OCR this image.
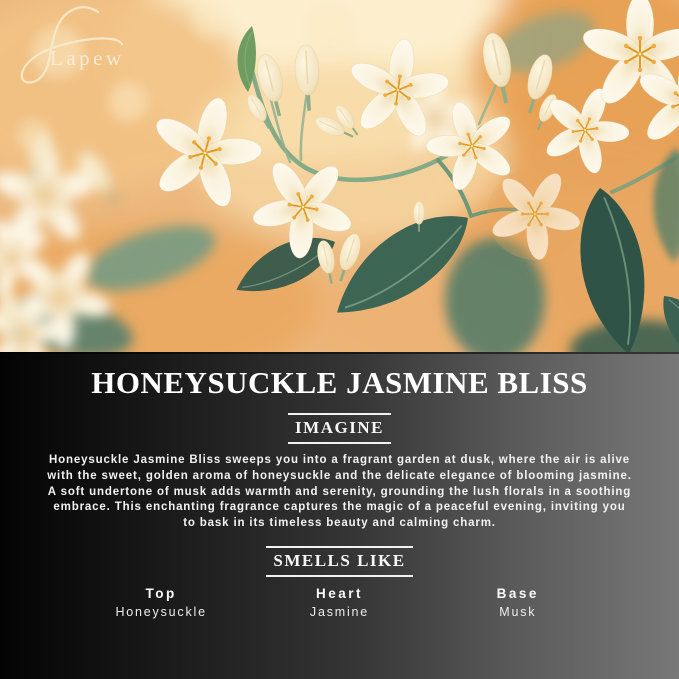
Lapew
HONEYSUCKLE JASMINE BLISS
IMAGINE

Honeysuckle Jasmine Bliss sweeps you into a fragrant garden at dusk, where the air is alive with the sweet, golden aroma of honeysuckle and the delicate elegance of blooming jasmine. A soft undertone of musk adds warmth and serenity, grounding the lush florals in a soothing embrace. This enchanting fragrance captures the magic of a peaceful evening, inviting you to bask in its timeless beauty and calming charm.

SMELLS LIKE
Top
Honeysuckle
Heart
Jasmine
Base
Musk
